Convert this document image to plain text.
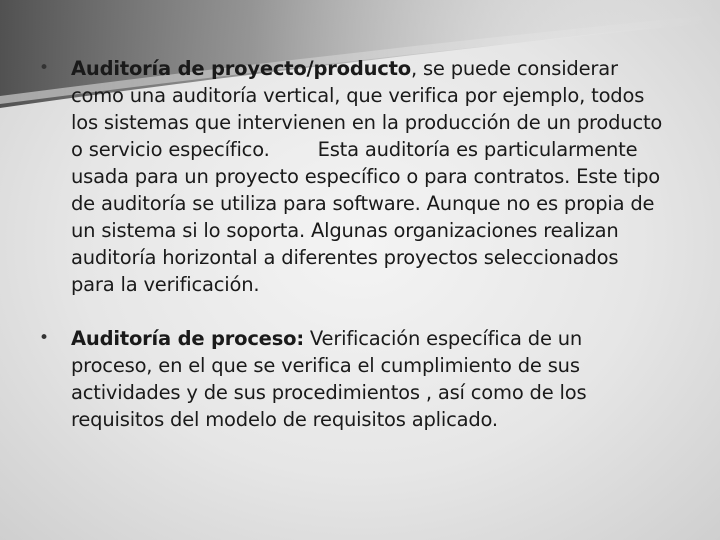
• Auditoría de proyecto/producto, se puede considerar como una auditoría vertical, que verifica por ejemplo, todos los sistemas que intervienen en la producción de un producto o servicio específico. Esta auditoría es particularmente usada para un proyecto específico o para contratos. Este tipo de auditoría se utiliza para software. Aunque no es propia de un sistema si lo soporta. Algunas organizaciones realizan auditoría horizontal a diferentes proyectos seleccionados para la verificación.
• Auditoría de proceso: Verificación específica de un proceso, en el que se verifica el cumplimiento de sus actividades y de sus procedimientos , así como de los requisitos del modelo de requisitos aplicado.
